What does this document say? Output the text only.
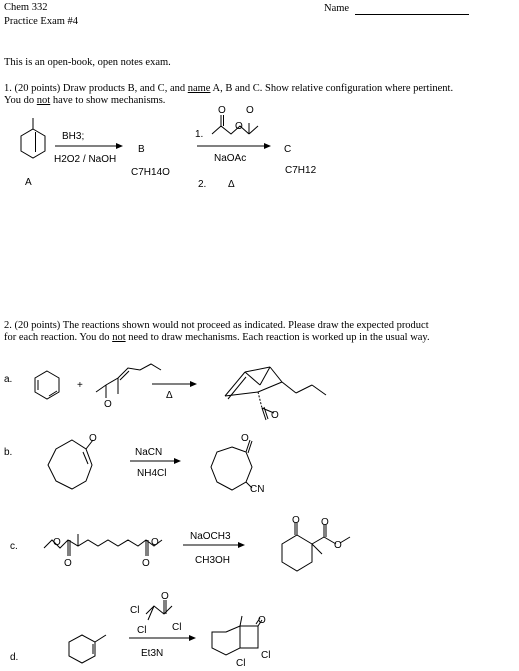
Chem 332
Practice Exam #4
Name
This is an open-book, open notes exam.
1. (20 points) Draw products B, and C, and name A, B and C. Show relative configuration where pertinent.
You do not have to show mechanisms.
2. (20 points) The reactions shown would not proceed as indicated. Please draw the expected product
for each reaction. You do not need to draw mechanisms. Each reaction is worked up in the usual way.
A
BH3;
H2O2 / NaOH
B
C7H14O
1.
O O
O
NaOAc
2. Δ
C
C7H12
a.
+
O
Δ
O
b.
O
NaCN
NH4Cl
O
CN
c.	O
O
O
O
NaOCH3
CH3OH
O O
O
d.
Cl
O
Cl
Cl
Et3N
O
Cl
Cl
